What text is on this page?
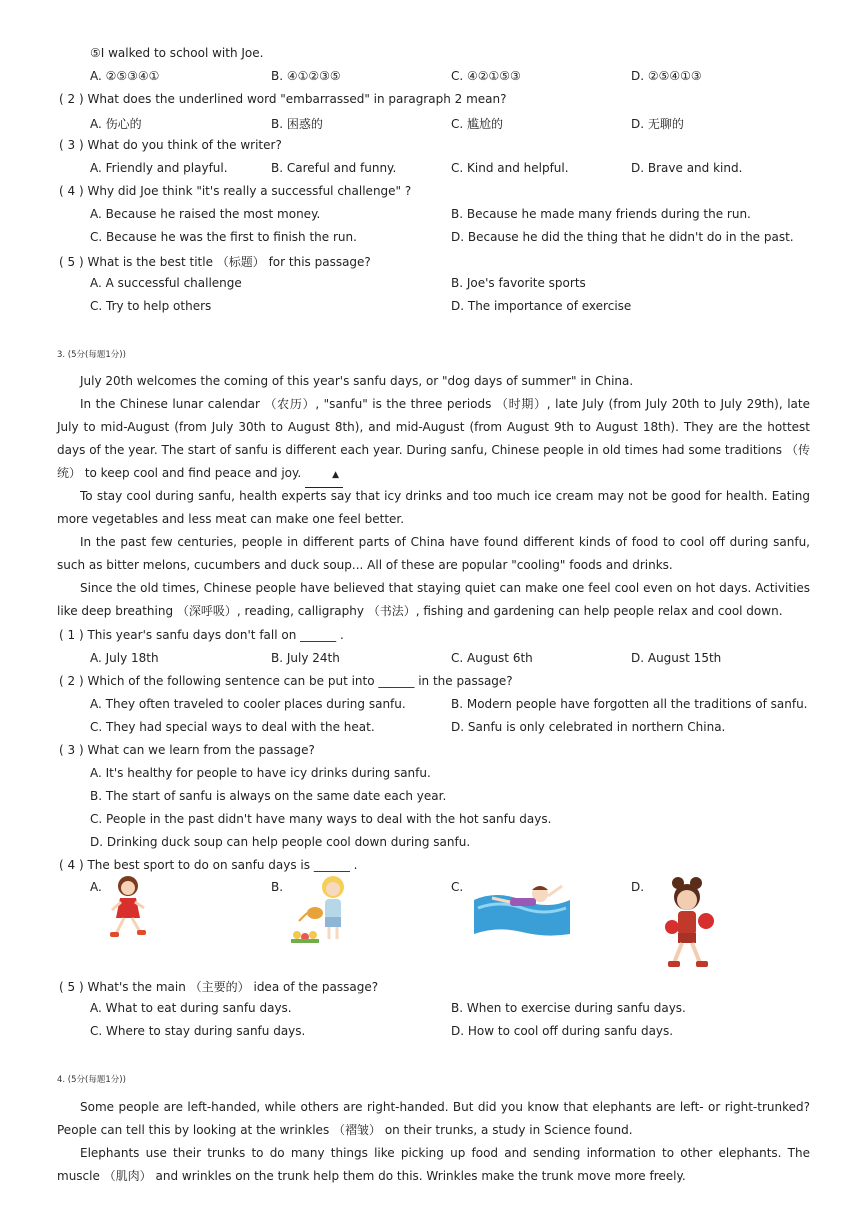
⑤I walked to school with Joe.
A. ②⑤③④①	B. ④①②③⑤	C. ④②①⑤③	D. ②⑤④①③
( 2 ) What does the underlined word "embarrassed" in paragraph 2 mean?
A. 伤心的	B. 困惑的	C. 尴尬的	D. 无聊的
( 3 ) What do you think of the writer?
A. Friendly and playful.	B. Careful and funny.	C. Kind and helpful.	D. Brave and kind.
( 4 ) Why did Joe think "it's really a successful challenge" ?
A. Because he raised the most money.	B. Because he made many friends during the run.
C. Because he was the first to finish the run.	D. Because he did the thing that he didn't do in the past.
( 5 ) What is the best title （标题） for this passage?
A. A successful challenge	B. Joe's favorite sports
C. Try to help others	D. The importance of exercise
3. (5分(每题1分))
July 20th welcomes the coming of this year's sanfu days, or "dog days of summer" in China.
In the Chinese lunar calendar （农历）, "sanfu" is the three periods （时期）, late July (from July 20th to July 29th), late July to mid-August (from July 30th to August 8th), and mid-August (from August 9th to August 18th). They are the hottest days of the year. The start of sanfu is different each year. During sanfu, Chinese people in old times had some traditions （传统） to keep cool and find peace and joy.	▲
To stay cool during sanfu, health experts say that icy drinks and too much ice cream may not be good for health. Eating more vegetables and less meat can make one feel better.
In the past few centuries, people in different parts of China have found different kinds of food to cool off during sanfu, such as bitter melons, cucumbers and duck soup... All of these are popular "cooling" foods and drinks.
Since the old times, Chinese people have believed that staying quiet can make one feel cool even on hot days. Activities like deep breathing （深呼吸）, reading, calligraphy （书法）, fishing and gardening can help people relax and cool down.
( 1 ) This year's sanfu days don't fall on ______ .
A. July 18th	B. July 24th	C. August 6th	D. August 15th
( 2 ) Which of the following sentence can be put into ______ in the passage?
A. They often traveled to cooler places during sanfu.	B. Modern people have forgotten all the traditions of sanfu.
C. They had special ways to deal with the heat.	D. Sanfu is only celebrated in northern China.
( 3 ) What can we learn from the passage?
A. It's healthy for people to have icy drinks during sanfu.
B. The start of sanfu is always on the same date each year.
C. People in the past didn't have many ways to deal with the hot sanfu days.
D. Drinking duck soup can help people cool down during sanfu.
( 4 ) The best sport to do on sanfu days is ______ .
A.	B.	C.	D.
( 5 ) What's the main （主要的） idea of the passage?
A. What to eat during sanfu days.	B. When to exercise during sanfu days.
C. Where to stay during sanfu days.	D. How to cool off during sanfu days.
4. (5分(每题1分))
Some people are left-handed, while others are right-handed. But did you know that elephants are left- or right-trunked? People can tell this by looking at the wrinkles （褶皱） on their trunks, a study in Science found.
Elephants use their trunks to do many things like picking up food and sending information to other elephants. The muscle （肌肉） and wrinkles on the trunk help them do this. Wrinkles make the trunk move more freely.
